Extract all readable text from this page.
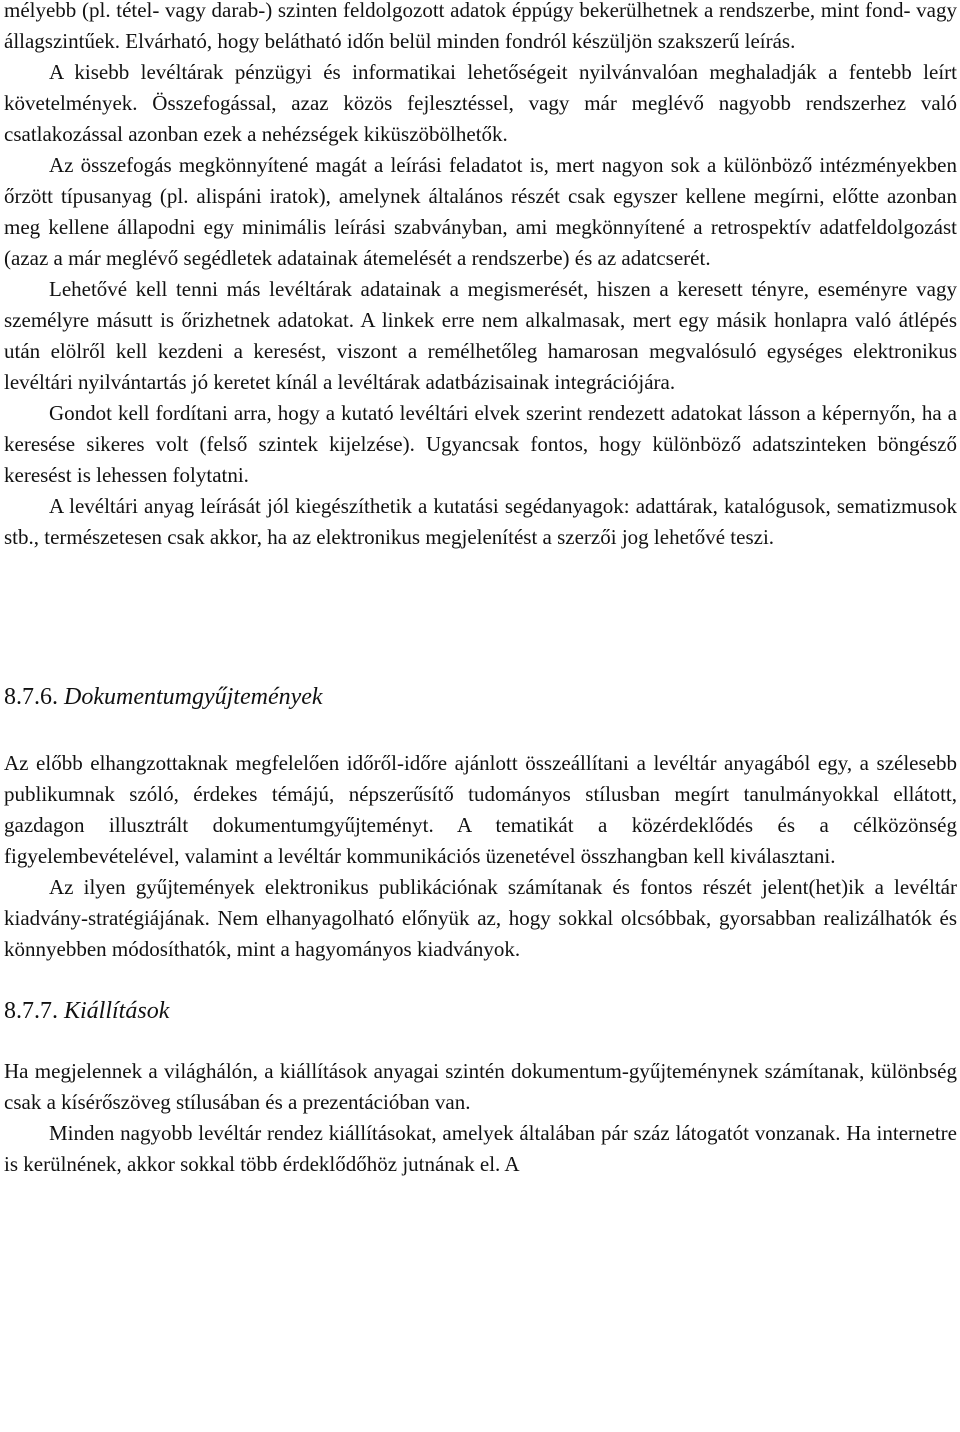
mélyebb (pl. tétel- vagy darab-) szinten feldolgozott adatok éppúgy bekerülhetnek a rendszerbe, mint fond- vagy állagszintűek. Elvárható, hogy belátható időn belül minden fondról készüljön szakszerű leírás.

A kisebb levéltárak pénzügyi és informatikai lehetőségeit nyilvánvalóan meghaladják a fentebb leírt követelmények. Összefogással, azaz közös fejlesztéssel, vagy már meglévő nagyobb rendszerhez való csatlakozással azonban ezek a nehézségek kiküszöbölhetők.

Az összefogás megkönnyítené magát a leírási feladatot is, mert nagyon sok a különböző intézményekben őrzött típusanyag (pl. alispáni iratok), amelynek általános részét csak egyszer kellene megírni, előtte azonban meg kellene állapodni egy minimális leírási szabványban, ami megkönnyítené a retrospektív adatfeldolgozást (azaz a már meglévő segédletek adatainak átemelését a rendszerbe) és az adatcserét.

Lehetővé kell tenni más levéltárak adatainak a megismerését, hiszen a keresett tényre, eseményre vagy személyre másutt is őrizhetnek adatokat. A linkek erre nem alkalmasak, mert egy másik honlapra való átlépés után elölről kell kezdeni a keresést, viszont a remélhetőleg hamarosan megvalósuló egységes elektronikus levéltári nyilvántartás jó keretet kínál a levéltárak adatbázisainak integrációjára.

Gondot kell fordítani arra, hogy a kutató levéltári elvek szerint rendezett adatokat lásson a képernyőn, ha a keresése sikeres volt (felső szintek kijelzése). Ugyancsak fontos, hogy különböző adatszinteken böngésző keresést is lehessen folytatni.

A levéltári anyag leírását jól kiegészíthetik a kutatási segédanyagok: adattárak, katalógusok, sematizmusok stb., természetesen csak akkor, ha az elektronikus megjelenítést a szerzői jog lehetővé teszi.

8.7.6. Dokumentumgyűjtemények

Az előbb elhangzottaknak megfelelően időről-időre ajánlott összeállítani a levéltár anyagából egy, a szélesebb publikumnak szóló, érdekes témájú, népszerűsítő tudományos stílusban megírt tanulmányokkal ellátott, gazdagon illusztrált dokumentumgyűjteményt. A tematikát a közérdeklődés és a célközönség figyelembevételével, valamint a levéltár kommunikációs üzenetével összhangban kell kiválasztani.

Az ilyen gyűjtemények elektronikus publikációnak számítanak és fontos részét jelent(het)ik a levéltár kiadvány-stratégiájának. Nem elhanyagolható előnyük az, hogy sokkal olcsóbbak, gyorsabban realizálhatók és könnyebben módosíthatók, mint a hagyományos kiadványok.

8.7.7. Kiállítások

Ha megjelennek a világhálón, a kiállítások anyagai szintén dokumentum-gyűjteménynek számítanak, különbség csak a kísérőszöveg stílusában és a prezentációban van.

Minden nagyobb levéltár rendez kiállításokat, amelyek általában pár száz látogatót vonzanak. Ha internetre is kerülnének, akkor sokkal több érdeklődőhöz jutnának el. A
